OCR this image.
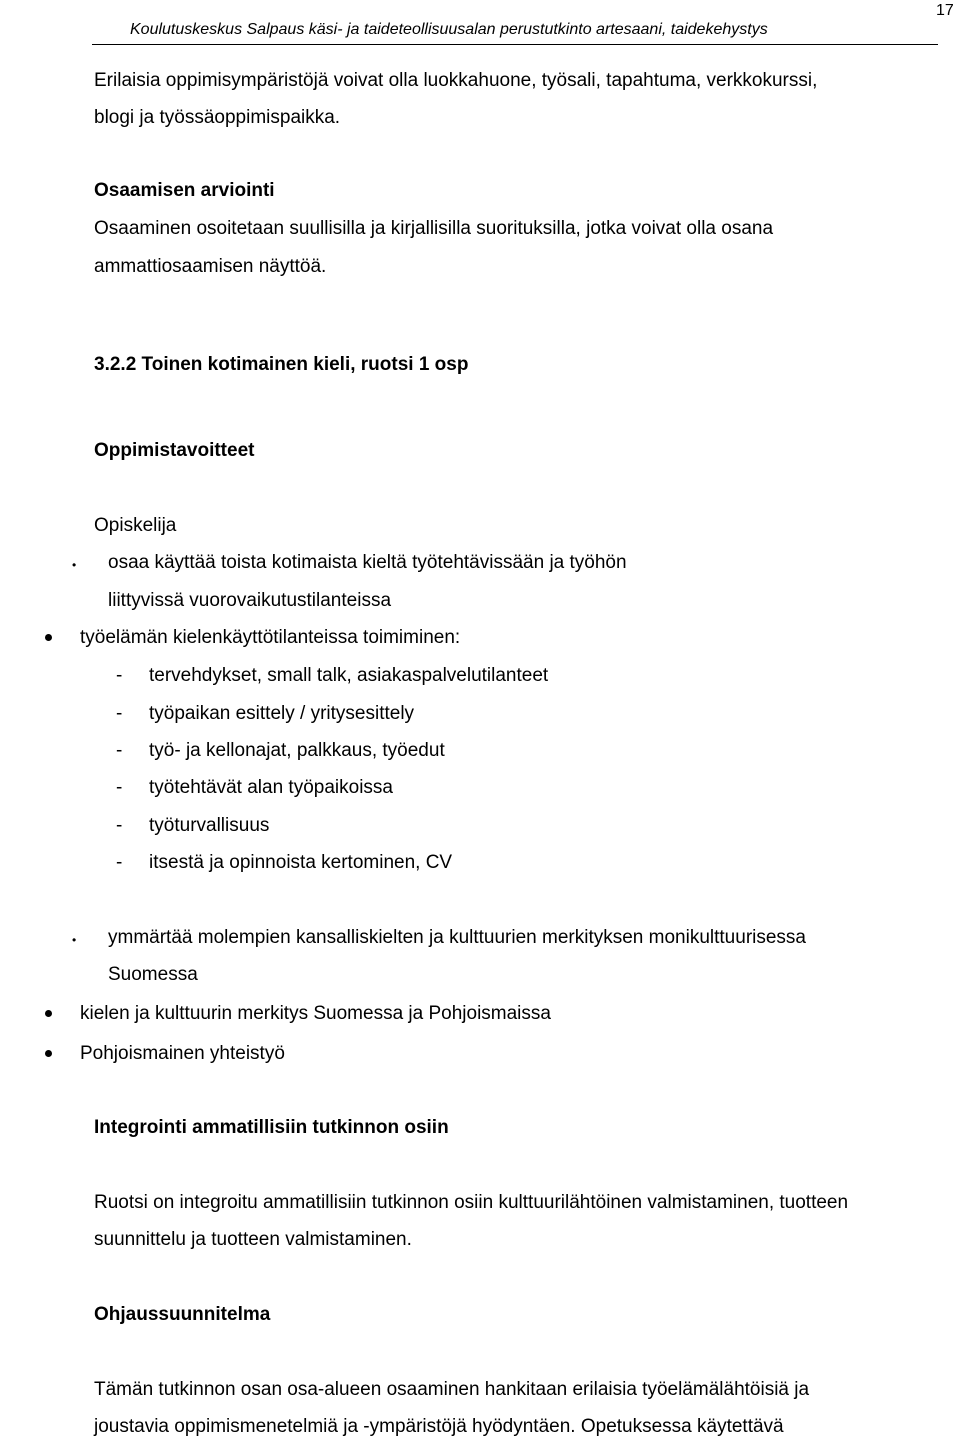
Koulutuskeskus Salpaus käsi- ja taideteollisuusalan perustutkinto artesaani, taidekehystys
17
Erilaisia oppimisympäristöjä voivat olla luokkahuone, työsali, tapahtuma, verkkokurssi,
blogi ja työssäoppimispaikka.
Osaamisen arviointi
Osaaminen osoitetaan suullisilla ja kirjallisilla suorituksilla, jotka voivat olla osana
ammattiosaamisen näyttöä.
3.2.2 Toinen kotimainen kieli, ruotsi 1 osp
Oppimistavoitteet
Opiskelija
• osaa käyttää toista kotimaista kieltä työtehtävissään ja työhön
liittyvissä vuorovaikutustilanteissa
työelämän kielenkäyttötilanteissa toimiminen:
- tervehdykset, small talk, asiakaspalvelutilanteet
- työpaikan esittely / yritysesittely
- työ- ja kellonajat, palkkaus, työedut
- työtehtävät alan työpaikoissa
- työturvallisuus
- itsestä ja opinnoista kertominen, CV
• ymmärtää molempien kansalliskielten ja kulttuurien merkityksen monikulttuurisessa
Suomessa
kielen ja kulttuurin merkitys Suomessa ja Pohjoismaissa
Pohjoismainen yhteistyö
Integrointi ammatillisiin tutkinnon osiin
Ruotsi on integroitu ammatillisiin tutkinnon osiin kulttuurilähtöinen valmistaminen, tuotteen
suunnittelu ja tuotteen valmistaminen.
Ohjaussuunnitelma
Tämän tutkinnon osan osa-alueen osaaminen hankitaan erilaisia työelämälähtöisiä ja
joustavia oppimismenetelmiä ja -ympäristöjä hyödyntäen. Opetuksessa käytettävä
